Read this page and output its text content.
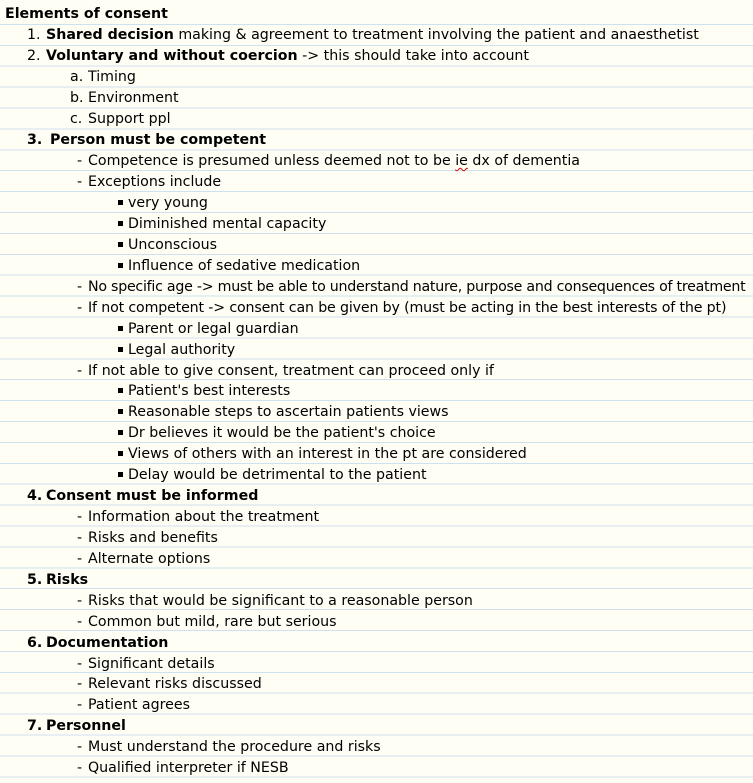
Elements of consent
1. Shared decision making & agreement to treatment involving the patient and anaesthetist
2. Voluntary and without coercion -> this should take into account
a. Timing
b. Environment
c. Support ppl
3. Person must be competent
- Competence is presumed unless deemed not to be ie dx of dementia
- Exceptions include
very young
Diminished mental capacity
Unconscious
Influence of sedative medication
- No specific age -> must be able to understand nature, purpose and consequences of treatment
- If not competent -> consent can be given by (must be acting in the best interests of the pt)
Parent or legal guardian
Legal authority
- If not able to give consent, treatment can proceed only if
Patient's best interests
Reasonable steps to ascertain patients views
Dr believes it would be the patient's choice
Views of others with an interest in the pt are considered
Delay would be detrimental to the patient
4. Consent must be informed
- Information about the treatment
- Risks and benefits
- Alternate options
5. Risks
- Risks that would be significant to a reasonable person
- Common but mild, rare but serious
6. Documentation
- Significant details
- Relevant risks discussed
- Patient agrees
7. Personnel
- Must understand the procedure and risks
- Qualified interpreter if NESB
